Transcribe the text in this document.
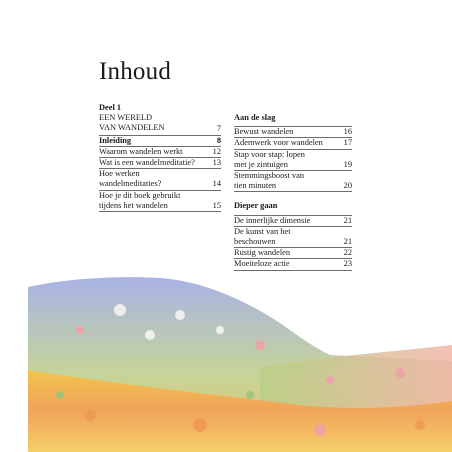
Inhoud
Deel 1
EEN WERELD
VAN WANDELEN	7
Inleiding	8
Waarom wandelen werkt	12
Wat is een wandelmeditatie? 13
Hoe werken wandelmeditaties?	14
Hoe je dit boek gebruikt tijdens het wandelen	15
Aan de slag
Bewust wandelen	16
Ademwerk voor wandelen 17
Stap voor stap: lopen met je zintuigen	19
Stemmingsboost van tien minuten	20
Dieper gaan
De innerlijke dimensie	21
De kunst van het beschouwen	21
Rustig wandelen	22
Moeiteloze actie	23
